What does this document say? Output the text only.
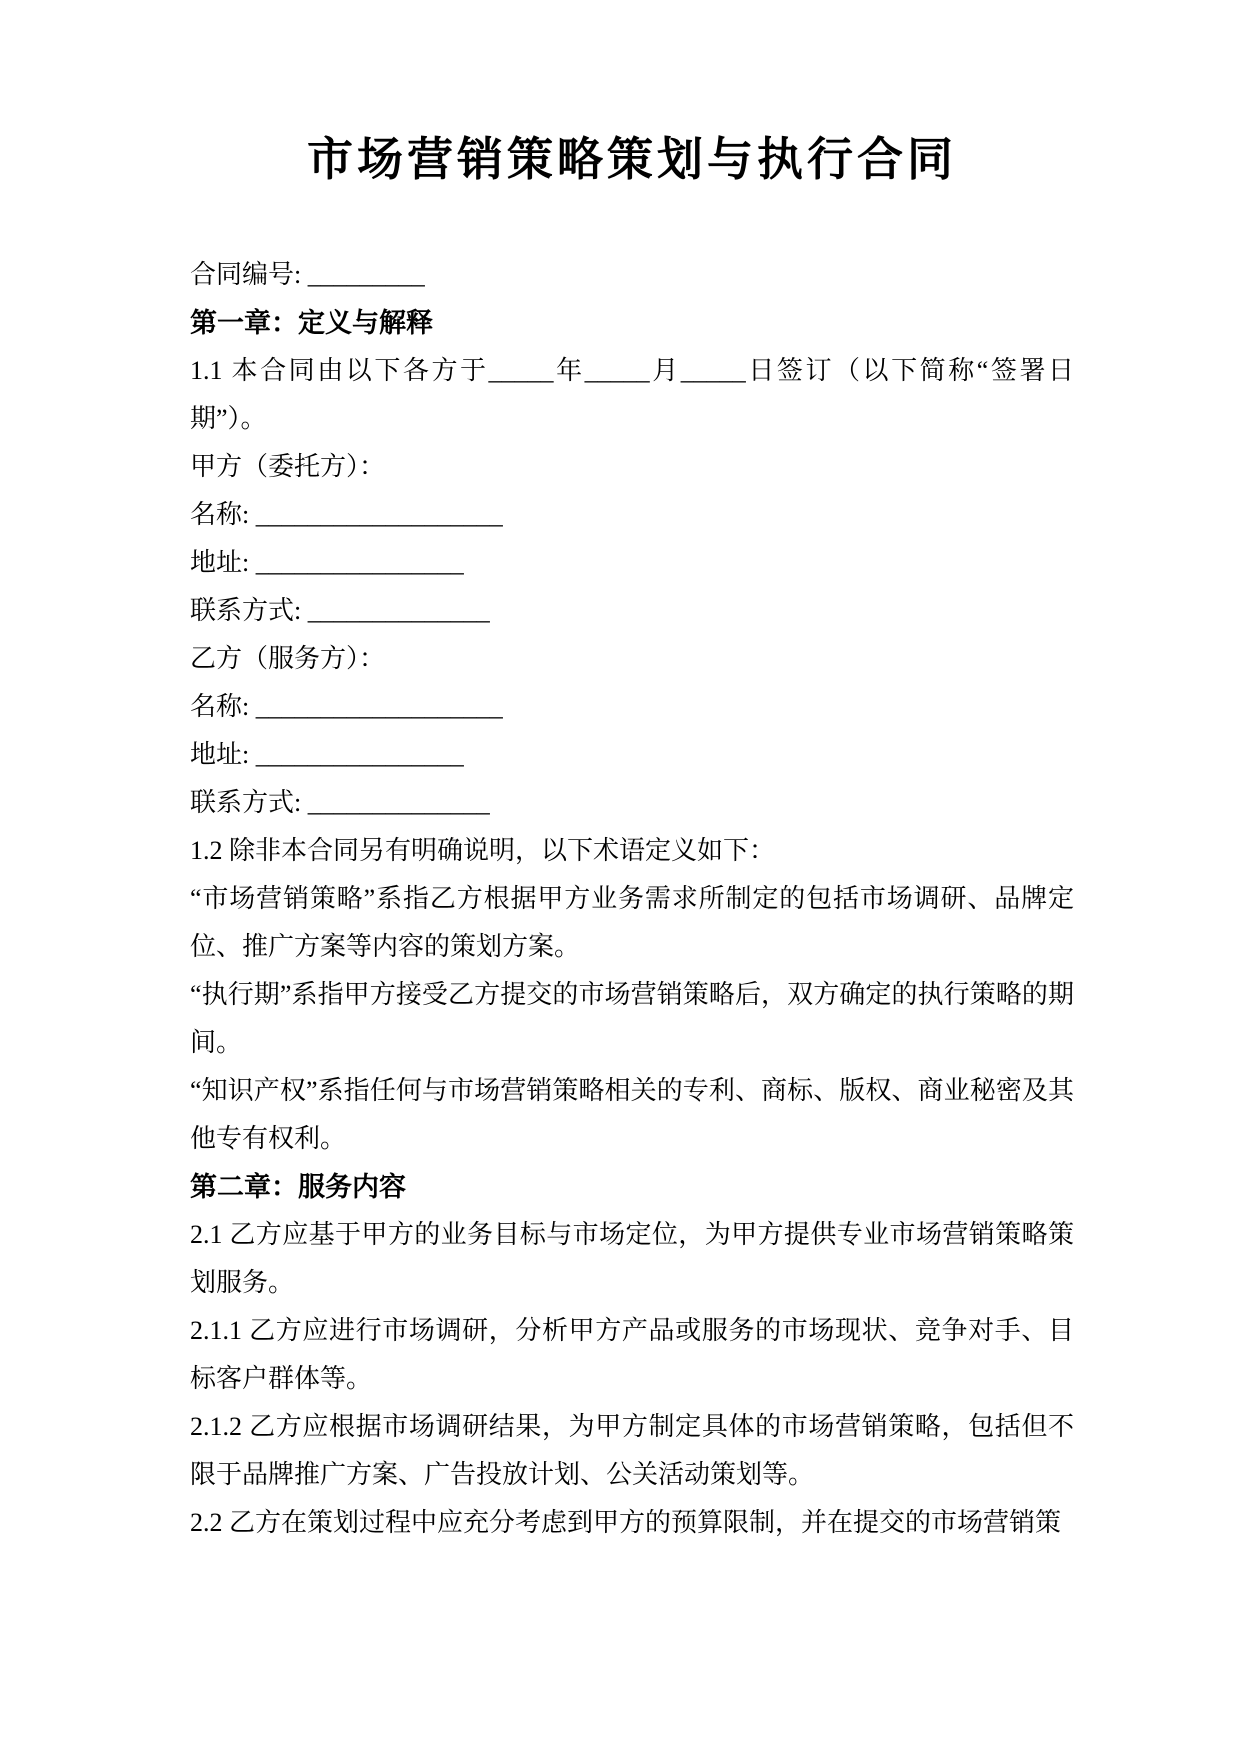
市场营销策略策划与执行合同

合同编号: _________

第一章：定义与解释

1.1 本合同由以下各方于_____年_____月_____日签订（以下简称“签署日期”）。

甲方（委托方）：

名称: ___________________

地址: ________________

联系方式: ______________

乙方（服务方）：

名称: ___________________

地址: ________________

联系方式: ______________

1.2 除非本合同另有明确说明，以下术语定义如下：

“市场营销策略”系指乙方根据甲方业务需求所制定的包括市场调研、品牌定位、推广方案等内容的策划方案。

“执行期”系指甲方接受乙方提交的市场营销策略后，双方确定的执行策略的期间。

“知识产权”系指任何与市场营销策略相关的专利、商标、版权、商业秘密及其他专有权利。

第二章：服务内容

2.1 乙方应基于甲方的业务目标与市场定位，为甲方提供专业市场营销策略策划服务。

2.1.1 乙方应进行市场调研，分析甲方产品或服务的市场现状、竞争对手、目标客户群体等。

2.1.2 乙方应根据市场调研结果，为甲方制定具体的市场营销策略，包括但不限于品牌推广方案、广告投放计划、公关活动策划等。

2.2 乙方在策划过程中应充分考虑到甲方的预算限制，并在提交的市场营销策
